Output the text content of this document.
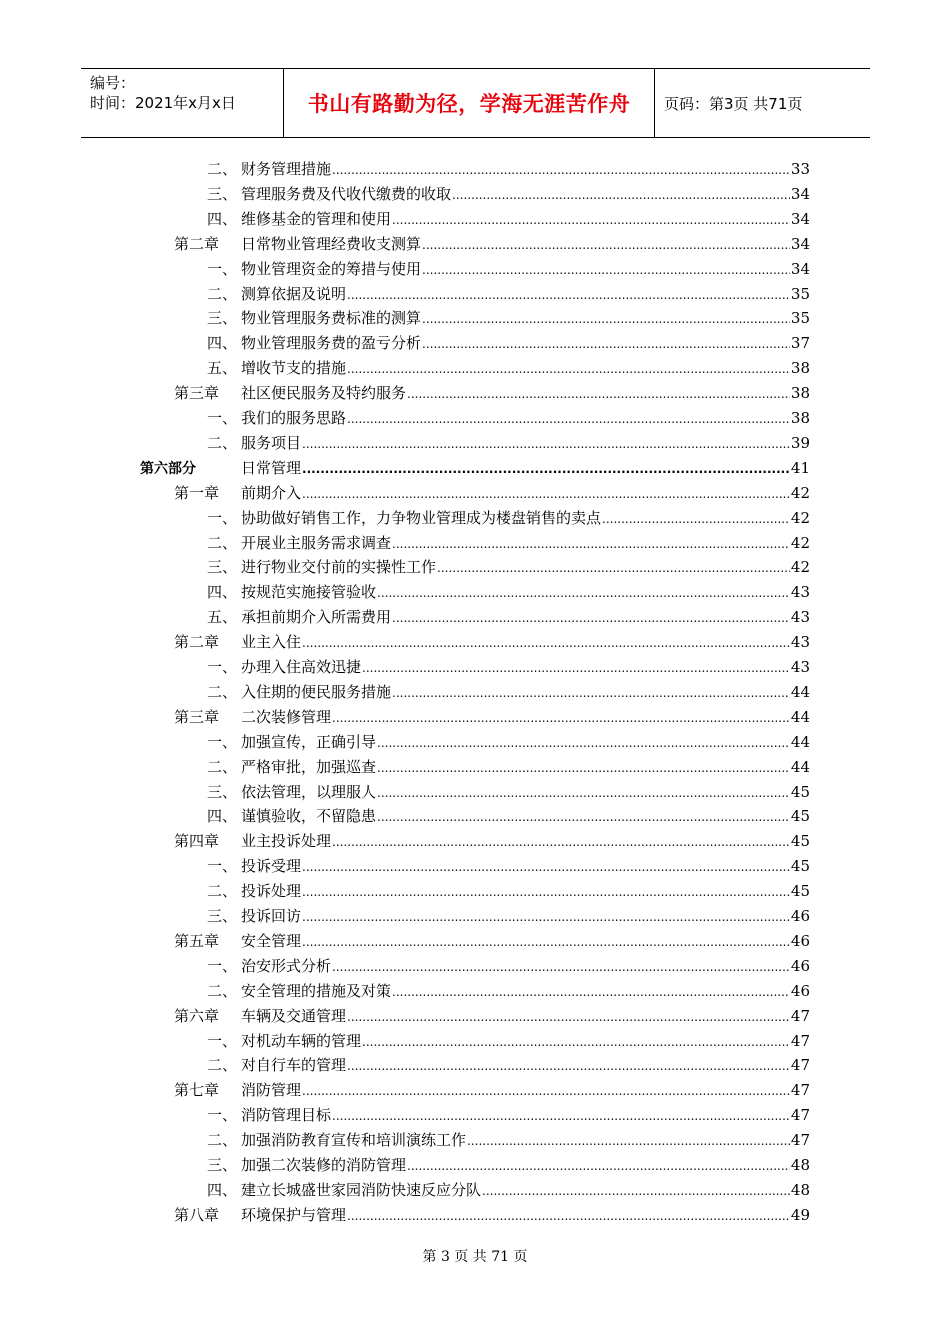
编号：
时间：2021年x月x日	书山有路勤为径，学海无涯苦作舟 页码：第3页 共71页
二、 财务管理措施 .....	33
三、 管理服务费及代收代缴费的收取 .....	34
四、 维修基金的管理和使用 .....	34
第二章	日常物业管理经费收支测算 .....	34
一、 物业管理资金的筹措与使用 .....	34
二、 测算依据及说明 .....	35
三、 物业管理服务费标准的测算 .....	35
四、 物业管理服务费的盈亏分析 .....	37
五、 增收节支的措施 .....	38
第三章	社区便民服务及特约服务 .....	38
一、 我们的服务思路 .....	38
二、 服务项目 .....	39
第六部分	日常管理 .....	41
第一章	前期介入 .....	42
一、 协助做好销售工作，力争物业管理成为楼盘销售的卖点 .....	42
二、 开展业主服务需求调查 .....	42
三、 进行物业交付前的实操性工作 .....	42
四、 按规范实施接管验收 .....	43
五、 承担前期介入所需费用 .....	43
第二章	业主入住 .....	43
一、 办理入住高效迅捷 .....	43
二、 入住期的便民服务措施 .....	44
第三章	二次装修管理 .....	44
一、 加强宣传，正确引导 .....	44
二、 严格审批，加强巡查 .....	44
三、 依法管理，以理服人 .....	45
四、 谨慎验收，不留隐患 .....	45
第四章	业主投诉处理 .....	45
一、 投诉受理 .....	45
二、 投诉处理 .....	45
三、 投诉回访 .....	46
第五章	安全管理 .....	46
一、 治安形式分析 .....	46
二、 安全管理的措施及对策 .....	46
第六章	车辆及交通管理 .....	47
一、 对机动车辆的管理 .....	47
二、 对自行车的管理 .....	47
第七章	消防管理 .....	47
一、 消防管理目标 .....	47
二、 加强消防教育宣传和培训演练工作 .....	47
三、 加强二次装修的消防管理 .....	48
四、 建立长城盛世家园消防快速反应分队 .....	48
第八章	环境保护与管理 .....	49
第 3 页 共 71 页
